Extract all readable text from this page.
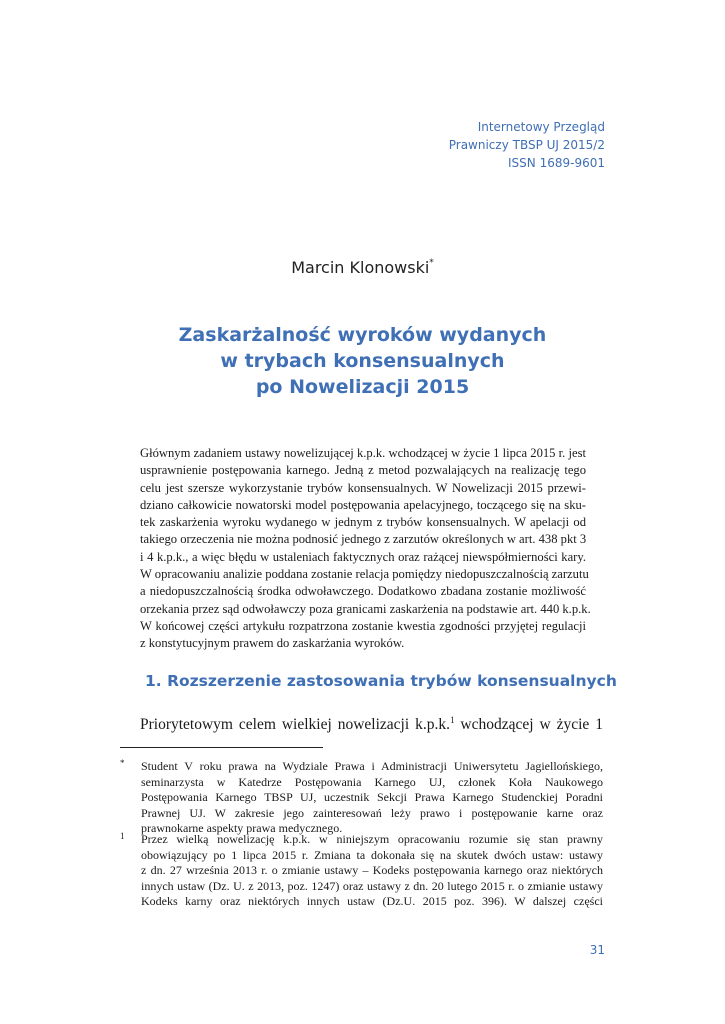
Internetowy Przegląd
Prawniczy TBSP UJ 2015/2
ISSN 1689-9601
Marcin Klonowski*
Zaskarżalność wyroków wydanych
w trybach konsensualnych
po Nowelizacji 2015
Głównym zadaniem ustawy nowelizującej k.p.k. wchodzącej w życie 1 lipca 2015 r. jest
usprawnienie postępowania karnego. Jedną z metod pozwalających na realizację tego
celu jest szersze wykorzystanie trybów konsensualnych. W Nowelizacji 2015 przewi-
dziano całkowicie nowatorski model postępowania apelacyjnego, toczącego się na sku-
tek zaskarżenia wyroku wydanego w jednym z trybów konsensualnych. W apelacji od
takiego orzeczenia nie można podnosić jednego z zarzutów określonych w art. 438 pkt 3
i 4 k.p.k., a więc błędu w ustaleniach faktycznych oraz rażącej niewspółmierności kary.
W opracowaniu analizie poddana zostanie relacja pomiędzy niedopuszczalnością zarzutu
a niedopuszczalnością środka odwoławczego. Dodatkowo zbadana zostanie możliwość
orzekania przez sąd odwoławczy poza granicami zaskarżenia na podstawie art. 440 k.p.k.
W końcowej części artykułu rozpatrzona zostanie kwestia zgodności przyjętej regulacji
z konstytucyjnym prawem do zaskarżania wyroków.
1. Rozszerzenie zastosowania trybów konsensualnych
Priorytetowym celem wielkiej nowelizacji k.p.k.$^1$ wchodzącej w życie 1
* Student V roku prawa na Wydziale Prawa i Administracji Uniwersytetu Jagiellońskiego,
seminarzysta w Katedrze Postępowania Karnego UJ, członek Koła Naukowego
Postępowania Karnego TBSP UJ, uczestnik Sekcji Prawa Karnego Studenckiej Poradni
Prawnej UJ. W zakresie jego zainteresowań leży prawo i postępowanie karne oraz
prawnokarne aspekty prawa medycznego.
1 Przez wielką nowelizację k.p.k. w niniejszym opracowaniu rozumie się stan prawny
obowiązujący po 1 lipca 2015 r. Zmiana ta dokonała się na skutek dwóch ustaw: ustawy
z dn. 27 września 2013 r. o zmianie ustawy – Kodeks postępowania karnego oraz niektórych
innych ustaw (Dz. U. z 2013, poz. 1247) oraz ustawy z dn. 20 lutego 2015 r. o zmianie ustawy
Kodeks karny oraz niektórych innych ustaw (Dz.U. 2015 poz. 396). W dalszej części
31
